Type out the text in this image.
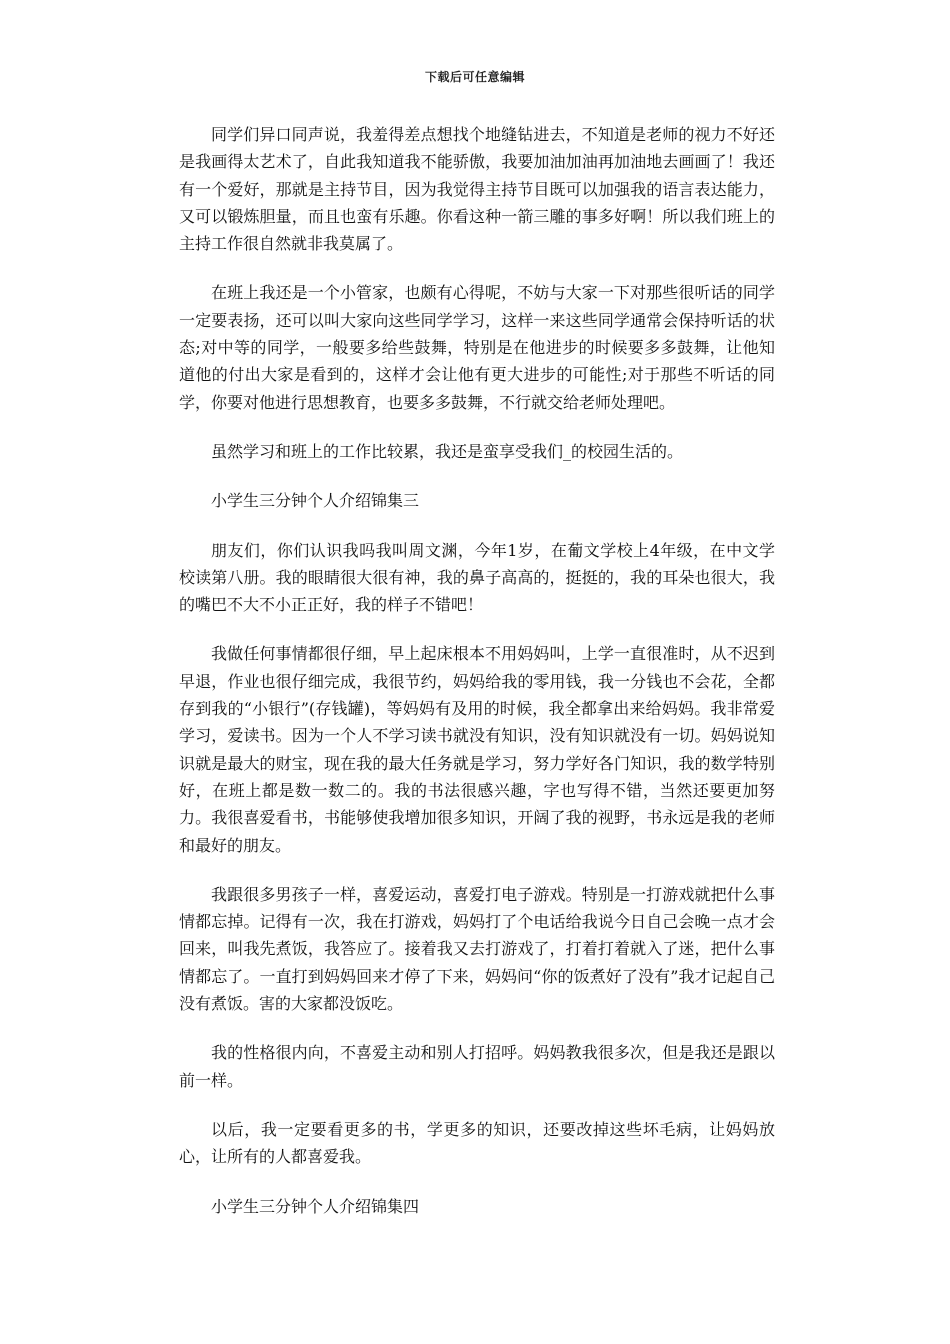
下载后可任意编辑

同学们异口同声说，我羞得差点想找个地缝钻进去，不知道是老师的视力不好还是我画得太艺术了，自此我知道我不能骄傲，我要加油加油再加油地去画画了！我还有一个爱好，那就是主持节目，因为我觉得主持节目既可以加强我的语言表达能力，又可以锻炼胆量，而且也蛮有乐趣。你看这种一箭三雕的事多好啊！所以我们班上的主持工作很自然就非我莫属了。

在班上我还是一个小管家，也颇有心得呢，不妨与大家一下对那些很听话的同学一定要表扬，还可以叫大家向这些同学学习，这样一来这些同学通常会保持听话的状态;对中等的同学，一般要多给些鼓舞，特别是在他进步的时候要多多鼓舞，让他知道他的付出大家是看到的，这样才会让他有更大进步的可能性;对于那些不听话的同学，你要对他进行思想教育，也要多多鼓舞，不行就交给老师处理吧。

虽然学习和班上的工作比较累，我还是蛮享受我们_的校园生活的。

小学生三分钟个人介绍锦集三

朋友们，你们认识我吗我叫周文渊，今年1岁，在葡文学校上4年级，在中文学校读第八册。我的眼睛很大很有神，我的鼻子高高的，挺挺的，我的耳朵也很大，我的嘴巴不大不小正正好，我的样子不错吧！

我做任何事情都很仔细，早上起床根本不用妈妈叫，上学一直很准时，从不迟到早退，作业也很仔细完成，我很节约，妈妈给我的零用钱，我一分钱也不会花，全都存到我的“小银行”(存钱罐)，等妈妈有及用的时候，我全都拿出来给妈妈。我非常爱学习，爱读书。因为一个人不学习读书就没有知识，没有知识就没有一切。妈妈说知识就是最大的财宝，现在我的最大任务就是学习，努力学好各门知识，我的数学特别好，在班上都是数一数二的。我的书法很感兴趣，字也写得不错，当然还要更加努力。我很喜爱看书，书能够使我增加很多知识，开阔了我的视野，书永远是我的老师和最好的朋友。

我跟很多男孩子一样，喜爱运动，喜爱打电子游戏。特别是一打游戏就把什么事情都忘掉。记得有一次，我在打游戏，妈妈打了个电话给我说今日自己会晚一点才会回来，叫我先煮饭，我答应了。接着我又去打游戏了，打着打着就入了迷，把什么事情都忘了。一直打到妈妈回来才停了下来，妈妈问“你的饭煮好了没有”我才记起自己没有煮饭。害的大家都没饭吃。

我的性格很内向，不喜爱主动和别人打招呼。妈妈教我很多次，但是我还是跟以前一样。

以后，我一定要看更多的书，学更多的知识，还要改掉这些坏毛病，让妈妈放心，让所有的人都喜爱我。

小学生三分钟个人介绍锦集四
